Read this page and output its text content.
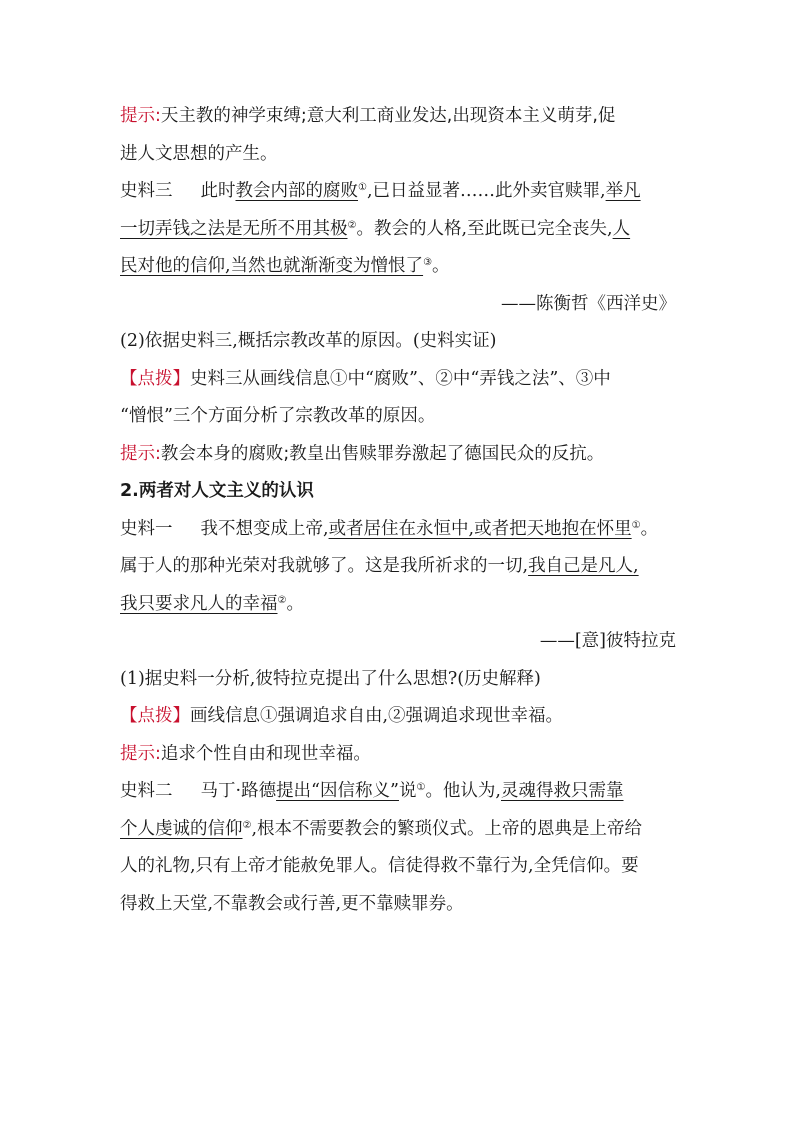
提示:天主教的神学束缚;意大利工商业发达,出现资本主义萌芽,促
进人文思想的产生。
史料三 此时教会内部的腐败①,已日益显著……此外卖官赎罪,举凡
一切弄钱之法是无所不用其极②。教会的人格,至此既已完全丧失,人
民对他的信仰,当然也就渐渐变为憎恨了③。
——陈衡哲《西洋史》
(2)依据史料三,概括宗教改革的原因。(史料实证)
【点拨】史料三从画线信息①中“腐败”、②中“弄钱之法”、③中
“憎恨”三个方面分析了宗教改革的原因。
提示:教会本身的腐败;教皇出售赎罪券激起了德国民众的反抗。
2.两者对人文主义的认识
史料一 我不想变成上帝,或者居住在永恒中,或者把天地抱在怀里①。
属于人的那种光荣对我就够了。这是我所祈求的一切,我自己是凡人,
我只要求凡人的幸福②。
——[意]彼特拉克
(1)据史料一分析,彼特拉克提出了什么思想?(历史解释)
【点拨】画线信息①强调追求自由,②强调追求现世幸福。
提示:追求个性自由和现世幸福。
史料二 马丁·路德提出“因信称义”说①。他认为,灵魂得救只需靠
个人虔诚的信仰②,根本不需要教会的繁琐仪式。上帝的恩典是上帝给
人的礼物,只有上帝才能赦免罪人。信徒得救不靠行为,全凭信仰。要
得救上天堂,不靠教会或行善,更不靠赎罪券。
